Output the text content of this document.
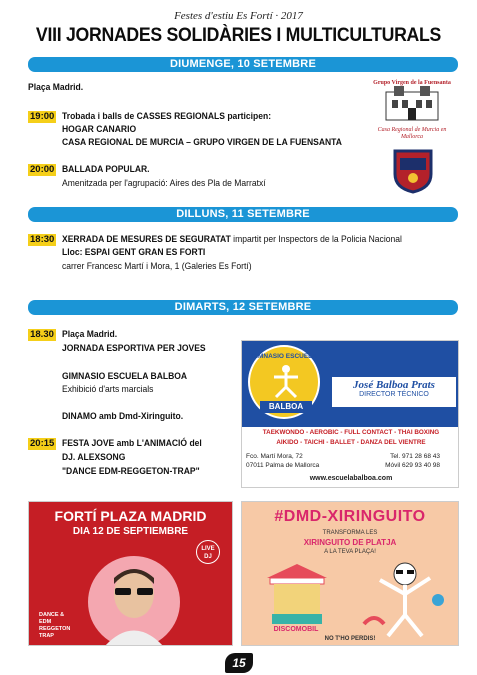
Festes d'estiu Es Fortí · 2017
VIII JORNADES SOLIDÀRIES I MULTICULTURALS
DIUMENGE, 10 SETEMBRE
Plaça Madrid.
19:00 Trobada i balls de CASSES REGIONALS participen:
HOGAR CANARIO
CASA REGIONAL DE MURCIA – GRUPO VIRGEN DE LA FUENSANTA
20:00 BALLADA POPULAR.
Amenitzada per l'agrupació: Aires des Pla de Marratxí
Grupo Virgen de la Fuensanta
Casa Regional de Murcia en Mallorca
DILLUNS, 11 SETEMBRE
18:30 XERRADA DE MESURES DE SEGURATAT impartit per Inspectors de la Policia Nacional
Lloc: ESPAI GENT GRAN ES FORTI
carrer Francesc Martí i Mora, 1 (Galeries Es Fortí)
DIMARTS, 12 SETEMBRE
18.30 Plaça Madrid.
JORNADA ESPORTIVA PER JOVES
GIMNASIO ESCUELA BALBOA
Exhibició d'arts marcials
DINAMO amb Dmd-Xiringuito.
20:15 FESTA JOVE amb L'ANIMACIÓ del
DJ. ALEXSONG
"DANCE EDM-REGGETON-TRAP"
GIMNASIO ESCUELA
BALBOA
José Balboa Prats
DIRECTOR TÉCNICO
TAEKWONDO - AEROBIC - FULL CONTACT - THAI BOXING
AIKIDO - TAICHI - BALLET - DANZA DEL VIENTRE
Fco. Martí Mora, 72
07011 Palma de Mallorca
Tel. 971 28 68 43
Móvil 629 93 40 98
www.escuelabalboa.com
FORTÍ PLAZA MADRID
DIA 12 DE SEPTIEMBRE
LIVE DJ
DANCE & EDM REGGETON TRAP
#DMD-XIRINGUITO
TRANSFORMA LES
XIRINGUITO DE PLATJA
A LA TEVA PLAÇA!
DISCOMOBIL
NO T'HO PERDIS!
15
